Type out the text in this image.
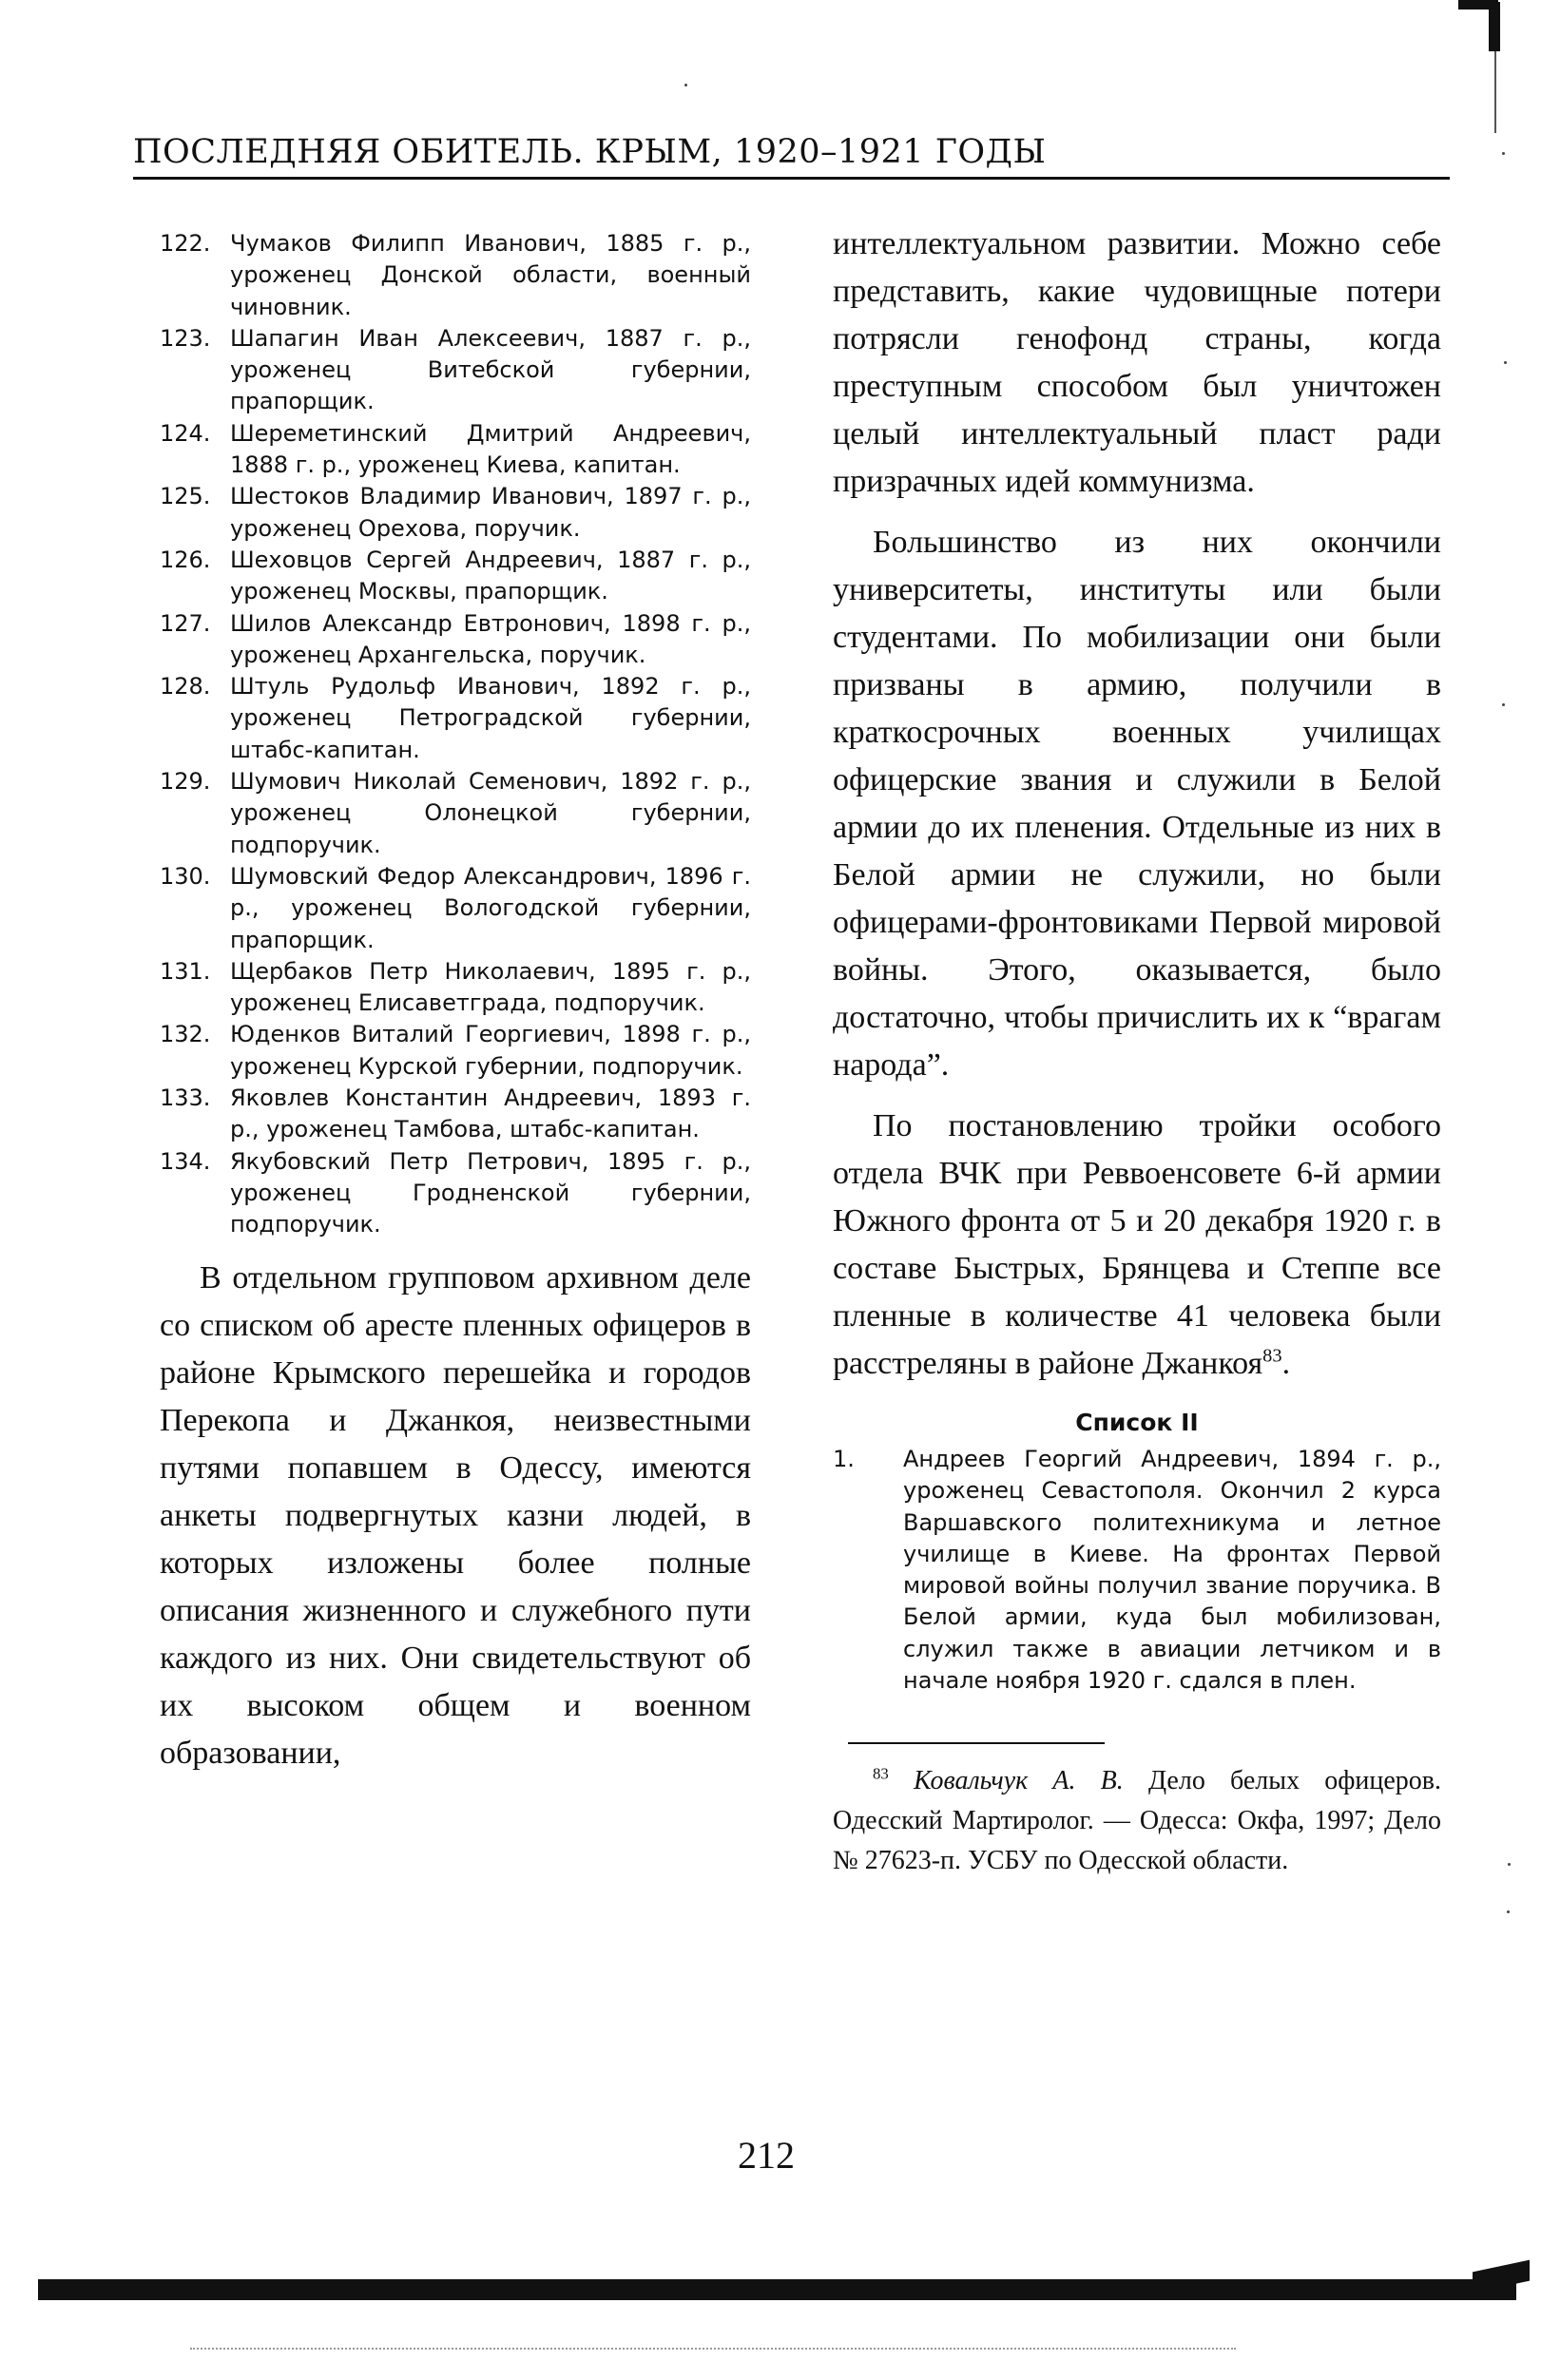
ПОСЛЕДНЯЯ ОБИТЕЛЬ. КРЫМ, 1920–1921 ГОДЫ
122. Чумаков Филипп Иванович, 1885 г. р., уроженец Донской области, военный чиновник.
123. Шапагин Иван Алексеевич, 1887 г. р., уроженец Витебской губернии, прапорщик.
124. Шереметинский Дмитрий Андреевич, 1888 г. р., уроженец Киева, капитан.
125. Шестоков Владимир Иванович, 1897 г. р., уроженец Орехова, поручик.
126. Шеховцов Сергей Андреевич, 1887 г. р., уроженец Москвы, прапорщик.
127. Шилов Александр Евтронович, 1898 г. р., уроженец Архангельска, поручик.
128. Штуль Рудольф Иванович, 1892 г. р., уроженец Петроградской губернии, штабс-капитан.
129. Шумович Николай Семенович, 1892 г. р., уроженец Олонецкой губернии, подпоручик.
130. Шумовский Федор Александрович, 1896 г. р., уроженец Вологодской губернии, прапорщик.
131. Щербаков Петр Николаевич, 1895 г. р., уроженец Елисаветграда, подпоручик.
132. Юденков Виталий Георгиевич, 1898 г. р., уроженец Курской губернии, подпоручик.
133. Яковлев Константин Андреевич, 1893 г. р., уроженец Тамбова, штабс-капитан.
134. Якубовский Петр Петрович, 1895 г. р., уроженец Гродненской губернии, подпоручик.

В отдельном групповом архивном деле со списком об аресте пленных офицеров в районе Крымского перешейка и городов Перекопа и Джанкоя, неизвестными путями попавшем в Одессу, имеются анкеты подвергнутых казни людей, в которых изложены более полные описания жизненного и служебного пути каждого из них. Они свидетельствуют об их высоком общем и военном образовании,

интеллектуальном развитии. Можно себе представить, какие чудовищные потери потрясли генофонд страны, когда преступным способом был уничтожен целый интеллектуальный пласт ради призрачных идей коммунизма.

Большинство из них окончили университеты, институты или были студентами. По мобилизации они были призваны в армию, получили в краткосрочных военных училищах офицерские звания и служили в Белой армии до их пленения. Отдельные из них в Белой армии не служили, но были офицерами-фронтовиками Первой мировой войны. Этого, оказывается, было достаточно, чтобы причислить их к “врагам народа”.

По постановлению тройки особого отдела ВЧК при Реввоенсовете 6-й армии Южного фронта от 5 и 20 декабря 1920 г. в составе Быстрых, Брянцева и Степпе все пленные в количестве 41 человека были расстреляны в районе Джанкоя$^{83}$.

Список II
1. Андреев Георгий Андреевич, 1894 г. р., уроженец Севастополя. Окончил 2 курса Варшавского политехникума и летное училище в Киеве. На фронтах Первой мировой войны получил звание поручика. В Белой армии, куда был мобилизован, служил также в авиации летчиком и в начале ноября 1920 г. сдался в плен.

$^{83}$ Ковальчук А. В. Дело белых офицеров. Одесский Мартиролог. — Одесса: Окфа, 1997; Дело № 27623-п. УСБУ по Одесской области.

212
